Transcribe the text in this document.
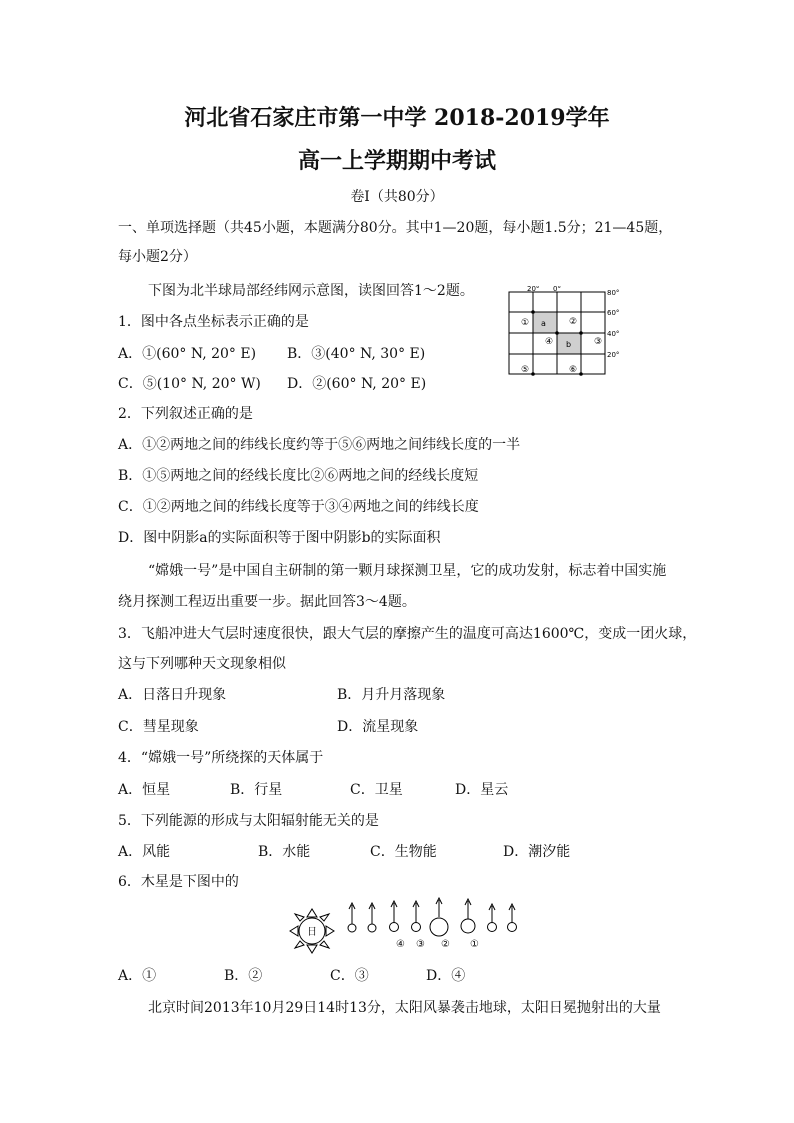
河北省石家庄市第一中学 2018-2019学年
高一上学期期中考试
卷Ⅰ（共80分）
一、单项选择题（共45小题，本题满分80分。其中1—20题，每小题1.5分；21—45题，
每小题2分）
下图为北半球局部经纬网示意图，读图回答1～2题。	20° 0°	80°
60°
40°
20°
①	②
③
④
⑤	⑥
a
b
1．图中各点坐标表示正确的是
A．①(60° N, 20° E) B．③(40° N, 30° E)
C．⑤(10° N, 20° W) D．②(60° N, 20° E)
2．下列叙述正确的是
A．①②两地之间的纬线长度约等于⑤⑥两地之间纬线长度的一半
B．①⑤两地之间的经线长度比②⑥两地之间的经线长度短
C．①②两地之间的纬线长度等于③④两地之间的纬线长度
D．图中阴影a的实际面积等于图中阴影b的实际面积
“嫦娥一号”是中国自主研制的第一颗月球探测卫星，它的成功发射，标志着中国实施
绕月探测工程迈出重要一步。据此回答3～4题。
3．飞船冲进大气层时速度很快，跟大气层的摩擦产生的温度可高达1600℃，变成一团火球，
这与下列哪种天文现象相似
A．日落日升现象	B．月升月落现象
C．彗星现象	D．流星现象
4．“嫦娥一号”所绕探的天体属于
A．恒星	B．行星	C．卫星	D．星云
5．下列能源的形成与太阳辐射能无关的是
A．风能	B．水能	C．生物能	D．潮汐能
6．木星是下图中的
日
④ ③ ② ①
A．①	B．②	C．③	D．④
北京时间2013年10月29日14时13分，太阳风暴袭击地球，太阳日冕抛射出的大量
